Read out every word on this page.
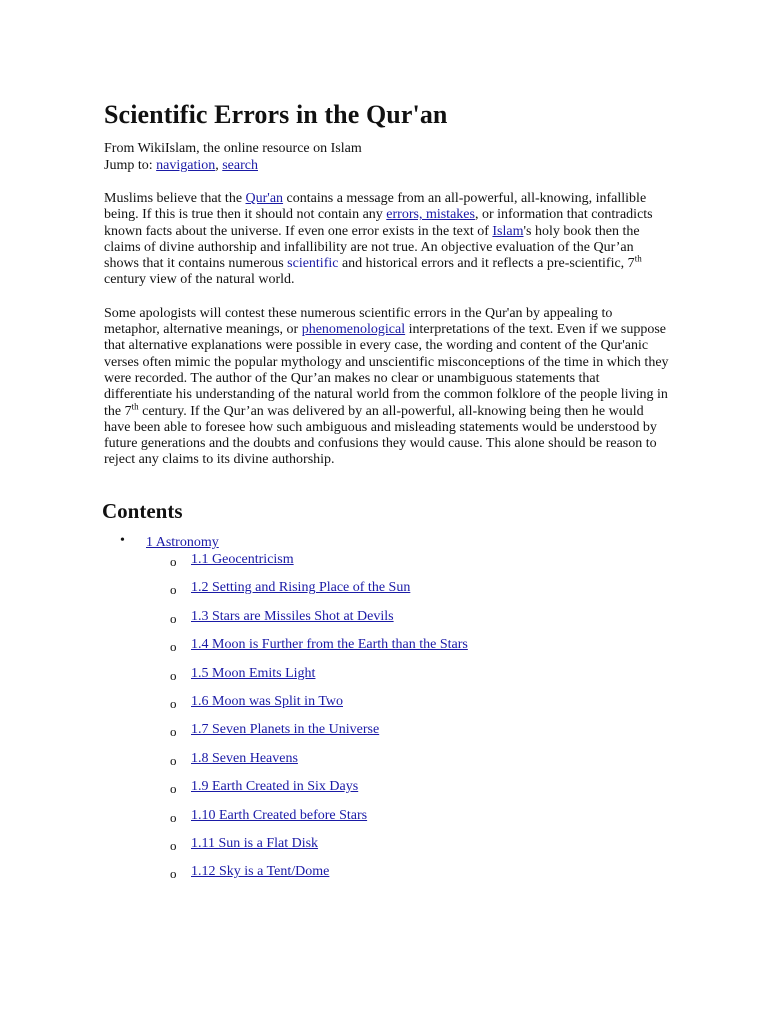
Scientific Errors in the Qur'an
From WikiIslam, the online resource on Islam
Jump to: navigation, search

Muslims believe that the Qur'an contains a message from an all-powerful, all-knowing, infallible being. If this is true then it should not contain any errors, mistakes, or information that contradicts known facts about the universe. If even one error exists in the text of Islam's holy book then the claims of divine authorship and infallibility are not true. An objective evaluation of the Qur’an shows that it contains numerous scientific and historical errors and it reflects a pre-scientific, 7th century view of the natural world.

Some apologists will contest these numerous scientific errors in the Qur'an by appealing to metaphor, alternative meanings, or phenomenological interpretations of the text. Even if we suppose that alternative explanations were possible in every case, the wording and content of the Qur'anic verses often mimic the popular mythology and unscientific misconceptions of the time in which they were recorded. The author of the Qur’an makes no clear or unambiguous statements that differentiate his understanding of the natural world from the common folklore of the people living in the 7th century. If the Qur’an was delivered by an all-powerful, all-knowing being then he would have been able to foresee how such ambiguous and misleading statements would be understood by future generations and the doubts and confusions they would cause. This alone should be reason to reject any claims to its divine authorship.

Contents
• 1 Astronomy
o 1.1 Geocentricism
o 1.2 Setting and Rising Place of the Sun
o 1.3 Stars are Missiles Shot at Devils
o 1.4 Moon is Further from the Earth than the Stars
o 1.5 Moon Emits Light
o 1.6 Moon was Split in Two
o 1.7 Seven Planets in the Universe
o 1.8 Seven Heavens
o 1.9 Earth Created in Six Days
o 1.10 Earth Created before Stars
o 1.11 Sun is a Flat Disk
o 1.12 Sky is a Tent/Dome
